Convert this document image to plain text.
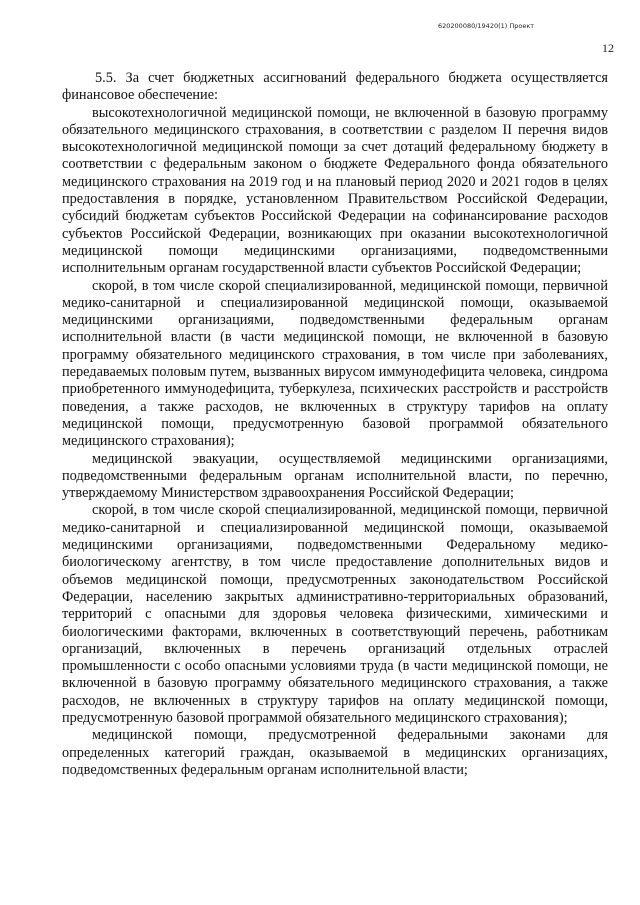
620200080/19420(1) Проект
12

5.5. За счет бюджетных ассигнований федерального бюджета осуществляется финансовое обеспечение:

высокотехнологичной медицинской помощи, не включенной в базовую программу обязательного медицинского страхования, в соответствии с разделом II перечня видов высокотехнологичной медицинской помощи за счет дотаций федеральному бюджету в соответствии с федеральным законом о бюджете Федерального фонда обязательного медицинского страхования на 2019 год и на плановый период 2020 и 2021 годов в целях предоставления в порядке, установленном Правительством Российской Федерации, субсидий бюджетам субъектов Российской Федерации на софинансирование расходов субъектов Российской Федерации, возникающих при оказании высокотехнологичной медицинской помощи медицинскими организациями, подведомственными исполнительным органам государственной власти субъектов Российской Федерации;

скорой, в том числе скорой специализированной, медицинской помощи, первичной медико-санитарной и специализированной медицинской помощи, оказываемой медицинскими организациями, подведомственными федеральным органам исполнительной власти (в части медицинской помощи, не включенной в базовую программу обязательного медицинского страхования, в том числе при заболеваниях, передаваемых половым путем, вызванных вирусом иммунодефицита человека, синдрома приобретенного иммунодефицита, туберкулеза, психических расстройств и расстройств поведения, а также расходов, не включенных в структуру тарифов на оплату медицинской помощи, предусмотренную базовой программой обязательного медицинского страхования);

медицинской эвакуации, осуществляемой медицинскими организациями, подведомственными федеральным органам исполнительной власти, по перечню, утверждаемому Министерством здравоохранения Российской Федерации;

скорой, в том числе скорой специализированной, медицинской помощи, первичной медико-санитарной и специализированной медицинской помощи, оказываемой медицинскими организациями, подведомственными Федеральному медико-биологическому агентству, в том числе предоставление дополнительных видов и объемов медицинской помощи, предусмотренных законодательством Российской Федерации, населению закрытых административно-территориальных образований, территорий с опасными для здоровья человека физическими, химическими и биологическими факторами, включенных в соответствующий перечень, работникам организаций, включенных в перечень организаций отдельных отраслей промышленности с особо опасными условиями труда (в части медицинской помощи, не включенной в базовую программу обязательного медицинского страхования, а также расходов, не включенных в структуру тарифов на оплату медицинской помощи, предусмотренную базовой программой обязательного медицинского страхования);

медицинской помощи, предусмотренной федеральными законами для определенных категорий граждан, оказываемой в медицинских организациях, подведомственных федеральным органам исполнительной власти;
